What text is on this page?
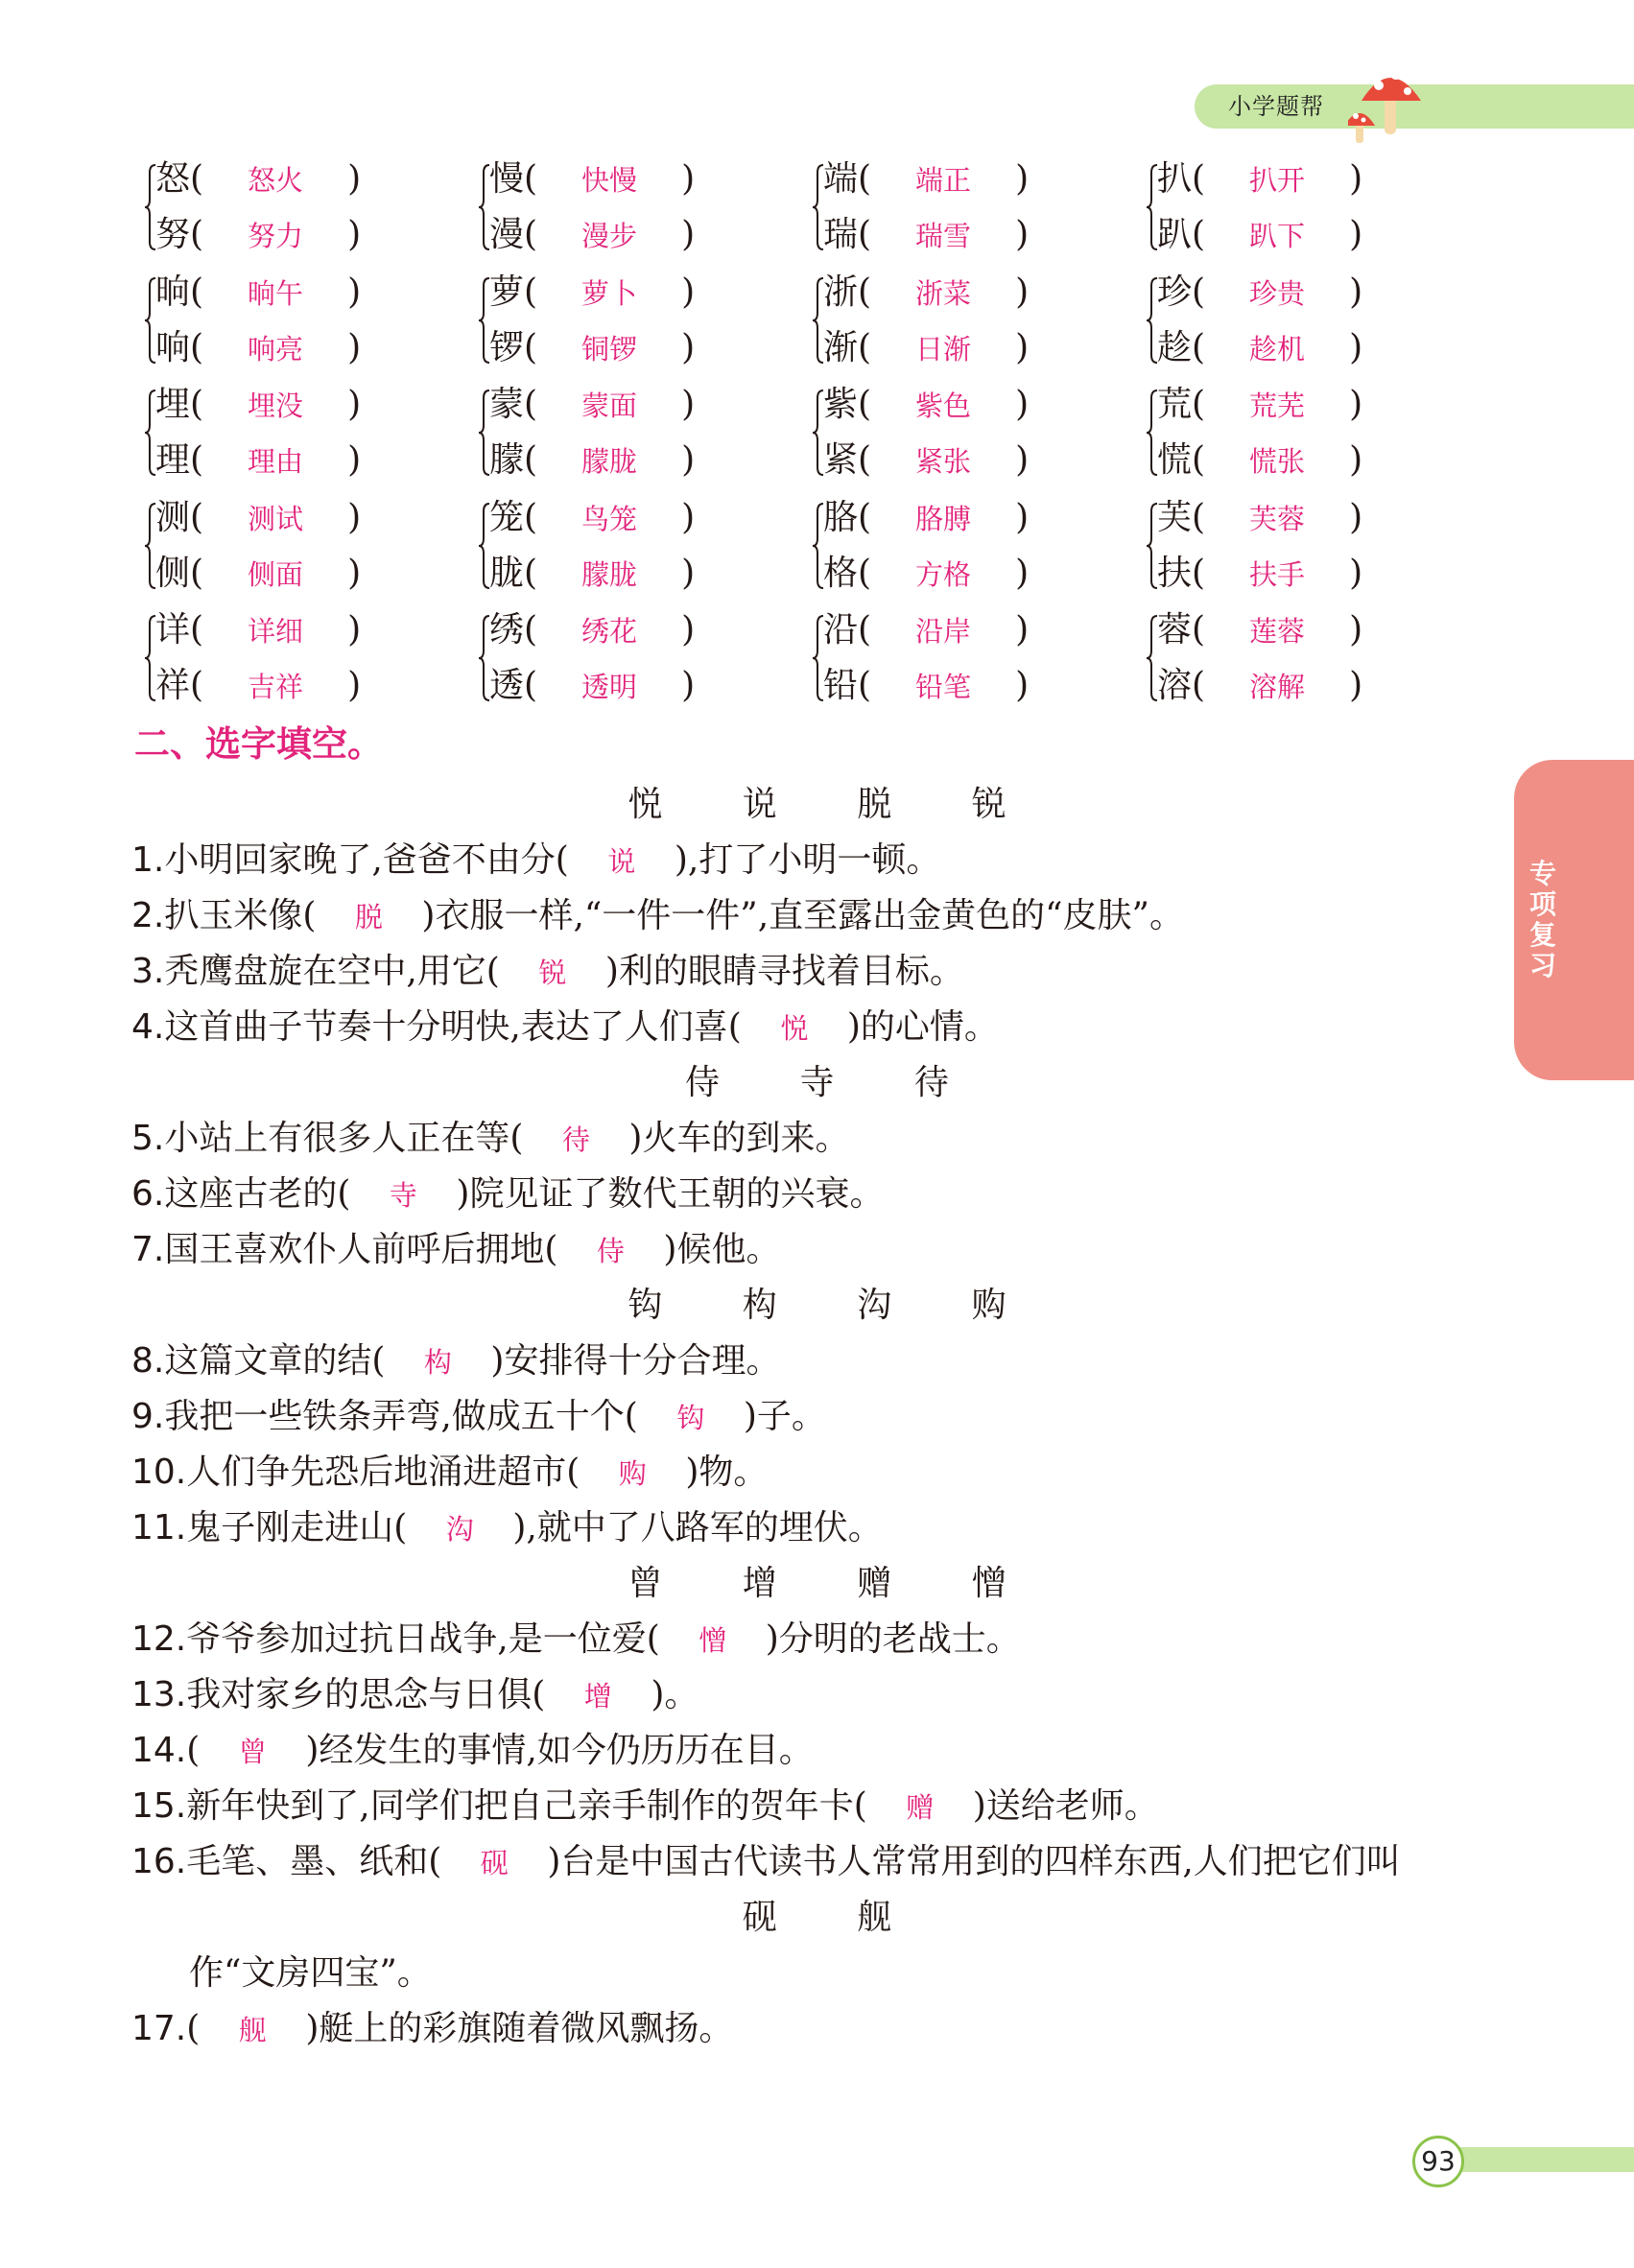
小学题帮
专项复习
怒( 怒火 )
努( 努力 )
慢( 快慢 )
漫( 漫步 )
端( 端正 )
瑞( 瑞雪 )
扒( 扒开 )
趴( 趴下 )
晌( 晌午 )
响( 响亮 )
萝( 萝卜 )
锣( 铜锣 )
浙( 浙菜 )
渐( 日渐 )
珍( 珍贵 )
趁( 趁机 )
埋( 埋没 )
理( 理由 )
蒙( 蒙面 )
朦( 朦胧 )
紫( 紫色 )
紧( 紧张 )
荒( 荒芜 )
慌( 慌张 )
测( 测试 )
侧( 侧面 )
笼( 鸟笼 )
胧( 朦胧 )
胳( 胳膊 )
格( 方格 )
芙( 芙蓉 )
扶( 扶手 )
详( 详细 )
祥( 吉祥 )
绣( 绣花 )
透( 透明 )
沿( 沿岸 )
铅( 铅笔 )
蓉( 莲蓉 )
溶( 溶解 )
二、选字填空。
悦 说 脱 锐
1.小明回家晚了,爸爸不由分( 说 ),打了小明一顿。
2.扒玉米像( 脱 )衣服一样,“一件一件”,直至露出金黄色的“皮肤”。
3.秃鹰盘旋在空中,用它( 锐 )利的眼睛寻找着目标。
4.这首曲子节奏十分明快,表达了人们喜( 悦 )的心情。
侍 寺 待
5.小站上有很多人正在等( 待 )火车的到来。
6.这座古老的( 寺 )院见证了数代王朝的兴衰。
7.国王喜欢仆人前呼后拥地( 侍 )候他。
钩 构 沟 购
8.这篇文章的结( 构 )安排得十分合理。
9.我把一些铁条弄弯,做成五十个( 钩 )子。
10.人们争先恐后地涌进超市( 购 )物。
11.鬼子刚走进山( 沟 ),就中了八路军的埋伏。
曾 增 赠 憎
12.爷爷参加过抗日战争,是一位爱( 憎 )分明的老战士。
13.我对家乡的思念与日俱( 增 )。
14.( 曾 )经发生的事情,如今仍历历在目。
15.新年快到了,同学们把自己亲手制作的贺年卡( 赠 )送给老师。
16.毛笔、墨、纸和( 砚 )台是中国古代读书人常常用到的四样东西,人们把它们叫
砚 舰
作“文房四宝”。
17.( 舰 )艇上的彩旗随着微风飘扬。
93
